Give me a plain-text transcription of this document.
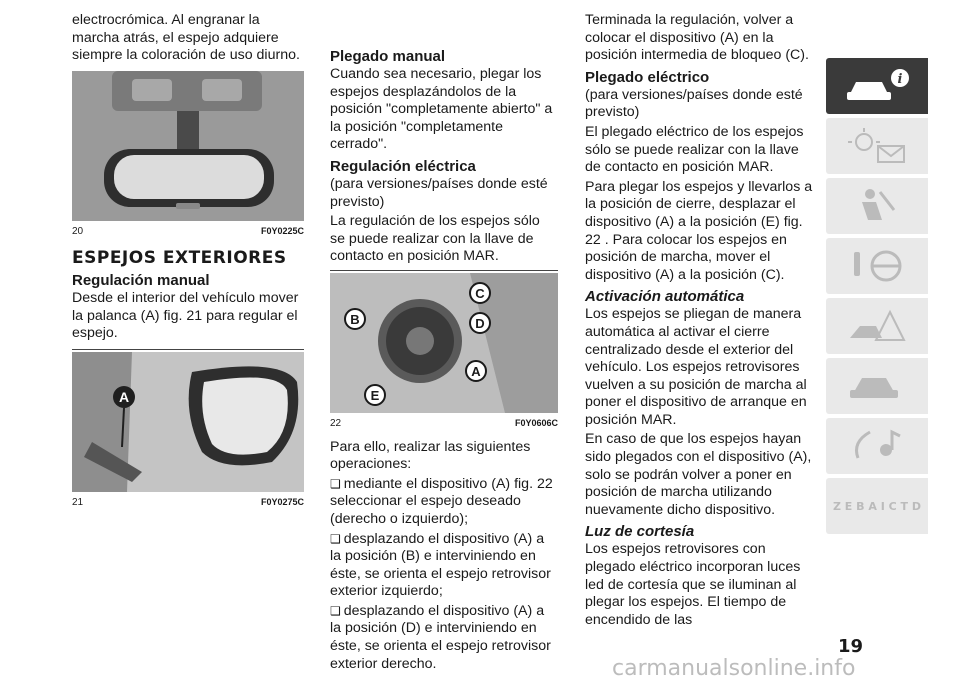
electrocrómica. Al engranar la marcha atrás, el espejo adquiere siempre la coloración de uso diurno.

20	F0Y0225C
ESPEJOS EXTERIORES
Regulación manual

Desde el interior del vehículo mover la palanca (A) fig. 21 para regular el espejo.

A
21	F0Y0275C
Plegado manual

Cuando sea necesario, plegar los espejos desplazándolos de la posición "completamente abierto" a la posición "completamente cerrado".

Regulación eléctrica

(para versiones/países donde esté previsto)

La regulación de los espejos sólo se puede realizar con la llave de contacto en posición MAR.

A
B
C
D
E
22	F0Y0606C

Para ello, realizar las siguientes operaciones:

❑ mediante el dispositivo (A) fig. 22 seleccionar el espejo deseado (derecho o izquierdo);

❑ desplazando el dispositivo (A) a la posición (B) e interviniendo en éste, se orienta el espejo retrovisor exterior izquierdo;

❑ desplazando el dispositivo (A) a la posición (D) e interviniendo en éste, se orienta el espejo retrovisor exterior derecho.

Terminada la regulación, volver a colocar el dispositivo (A) en la posición intermedia de bloqueo (C).

Plegado eléctrico

(para versiones/países donde esté previsto)

El plegado eléctrico de los espejos sólo se puede realizar con la llave de contacto en posición MAR.

Para plegar los espejos y llevarlos a la posición de cierre, desplazar el dispositivo (A) a la posición (E) fig. 22 . Para colocar los espejos en posición de marcha, mover el dispositivo (A) a la posición (C).

Activación automática

Los espejos se pliegan de manera automática al activar el cierre centralizado desde el exterior del vehículo. Los espejos retrovisores vuelven a su posición de marcha al poner el dispositivo de arranque en posición MAR.

En caso de que los espejos hayan sido plegados con el dispositivo (A), solo se podrán volver a poner en posición de marcha utilizando nuevamente dicho dispositivo.

Luz de cortesía

Los espejos retrovisores con plegado eléctrico incorporan luces led de cortesía que se iluminan al plegar los espejos. El tiempo de encendido de las

i
Z E B A I C T D
19
carmanualsonline.info
